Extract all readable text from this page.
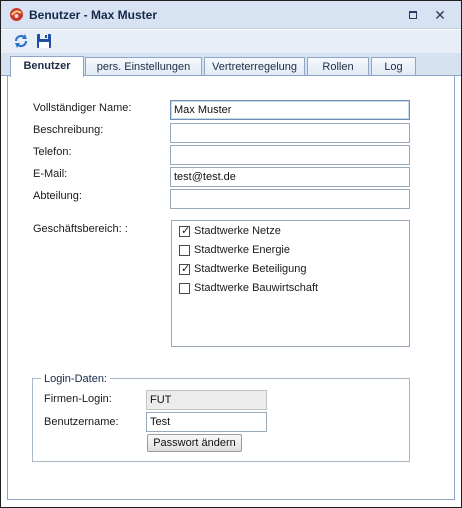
Benutzer - Max Muster	✕
Benutzer	pers. Einstellungen	Vertreterregelung	Rollen	Log
Vollständiger Name:
Max Muster
Beschreibung:
Telefon:
E-Mail:
test@test.de
Abteilung:
Geschäftsbereich: :	✓ Stadtwerke Netze
Stadtwerke Energie
✓ Stadtwerke Beteiligung
Stadtwerke Bauwirtschaft
Login-Daten:
Firmen-Login:
FUT
Benutzername:
Test
Passwort ändern
